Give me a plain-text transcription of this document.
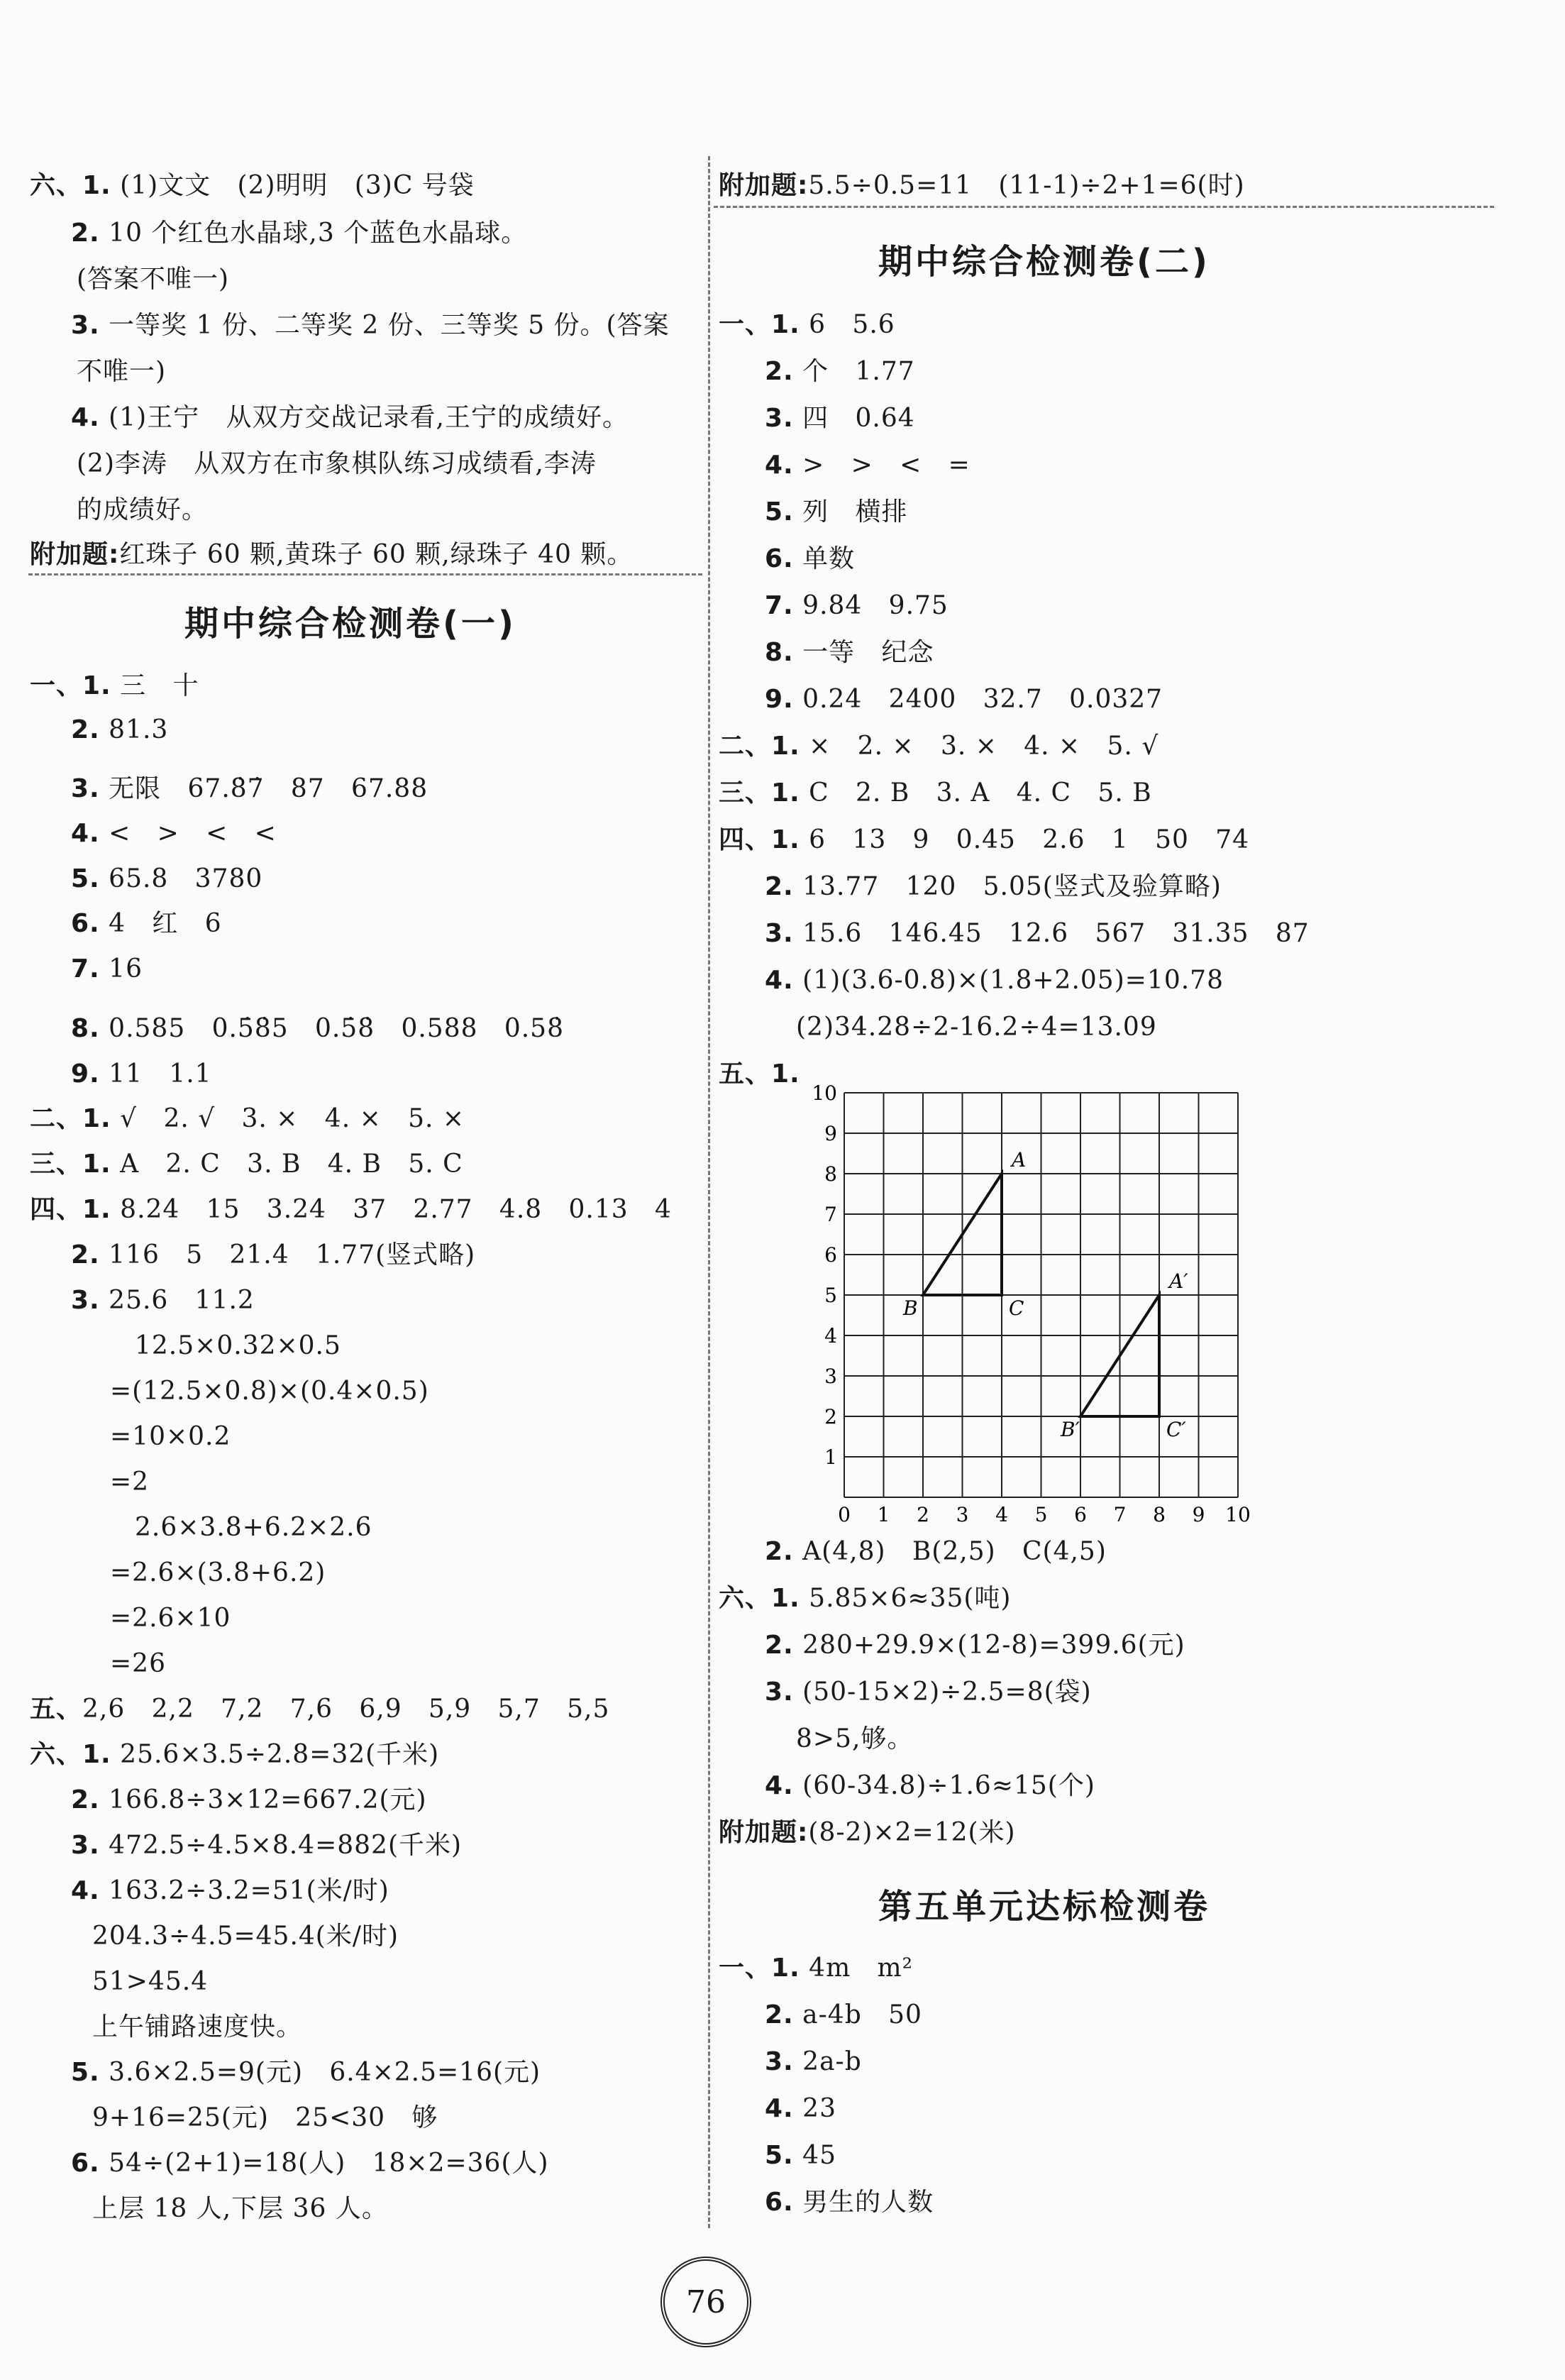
六、1. (1)文文   (2)明明   (3)C 号袋
2. 10 个红色水晶球,3 个蓝色水晶球。
(答案不唯一)
3. 一等奖 1 份、二等奖 2 份、三等奖 5 份。(答案
不唯一)
4. (1)王宁   从双方交战记录看,王宁的成绩好。
(2)李涛   从双方在市象棋队练习成绩看,李涛
的成绩好。
附加题:红珠子 60 颗,黄珠子 60 颗,绿珠子 40 颗。
一、1. 三   十
2. 81.3
3. 无限   67.8̇7̇   87   67.88
4. <   >   <   <
5. 65.8   3780
6. 4   红   6
7. 16
8. 0.585   0.5̇8̇5   0.5̇8̇   0.588   0.58̇
9. 11   1.1
二、1. √   2. √   3. ×   4. ×   5. ×
三、1. A   2. C   3. B   4. B   5. C
四、1. 8.24   15   3.24   37   2.77   4.8   0.13   4
2. 116   5   21.4   1.77(竖式略)
3. 25.6   11.2
12.5×0.32×0.5
=(12.5×0.8)×(0.4×0.5)
=10×0.2
=2
2.6×3.8+6.2×2.6
=2.6×(3.8+6.2)
=2.6×10
=26
五、2,6   2,2   7,2   7,6   6,9   5,9   5,7   5,5
六、1. 25.6×3.5÷2.8=32(千米)
2. 166.8÷3×12=667.2(元)
3. 472.5÷4.5×8.4=882(千米)
4. 163.2÷3.2=51(米/时)
204.3÷4.5=45.4(米/时)
51>45.4
上午铺路速度快。
5. 3.6×2.5=9(元)   6.4×2.5=16(元)
9+16=25(元)   25<30   够
6. 54÷(2+1)=18(人)   18×2=36(人)
上层 18 人,下层 36 人。
附加题:5.5÷0.5=11   (11-1)÷2+1=6(时)
一、1. 6   5.6
2. 个   1.77
3. 四   0.64
4. >   >   <   =
5. 列   横排
6. 单数
7. 9.84   9.75
8. 一等   纪念
9. 0.24   2400   32.7   0.0327
二、1. ×   2. ×   3. ×   4. ×   5. √
三、1. C   2. B   3. A   4. C   5. B
四、1. 6   13   9   0.45   2.6   1   50   74
2. 13.77   120   5.05(竖式及验算略)
3. 15.6   146.45   12.6   567   31.35   87
4. (1)(3.6-0.8)×(1.8+2.05)=10.78
(2)34.28÷2-16.2÷4=13.09
五、1.
2. A(4,8)   B(2,5)   C(4,5)
六、1. 5.85×6≈35(吨)
2. 280+29.9×(12-8)=399.6(元)
3. (50-15×2)÷2.5=8(袋)
8>5,够。
4. (60-34.8)÷1.6≈15(个)
附加题:(8-2)×2=12(米)
一、1. 4m   m²
2. a-4b   50
3. 2a-b
4. 23
5. 45
6. 男生的人数
期中综合检测卷(一)
期中综合检测卷(二)
第五单元达标检测卷
0 1 2 3 4 5 6 7 8 9 10
1
2
3
4
5
6
7
8
9
10
A
B	C
A′
B′	C′
76
